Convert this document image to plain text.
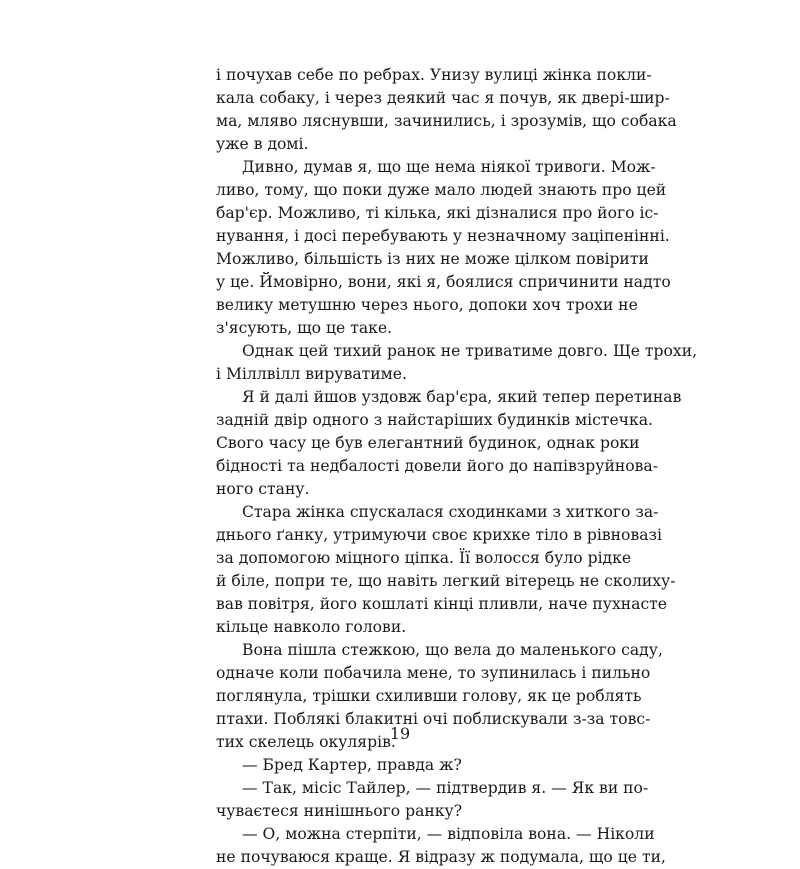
і почухав себе по ребрах. Унизу вулиці жінка покли-
кала собаку, і через деякий час я почув, як двері-шир-
ма, мляво ляснувши, зачинились, і зрозумів, що собака
уже в домі.
Дивно, думав я, що ще нема ніякої тривоги. Мож-
ливо, тому, що поки дуже мало людей знають про цей
бар'єр. Можливо, ті кілька, які дізналися про його іс-
нування, і досі перебувають у незначному заціпенінні.
Можливо, більшість із них не може цілком повірити
у це. Ймовірно, вони, які я, боялися спричинити надто
велику метушню через нього, допоки хоч трохи не
з'ясують, що це таке.
Однак цей тихий ранок не триватиме довго. Ще трохи,
і Міллвілл вируватиме.
Я й далі йшов уздовж бар'єра, який тепер перетинав
задній двір одного з найстаріших будинків містечка.
Свого часу це був елегантний будинок, однак роки
бідності та недбалості довели його до напівзруйнова-
ного стану.
Стара жінка спускалася сходинками з хиткого за-
днього ґанку, утримуючи своє крихке тіло в рівновазі
за допомогою міцного ціпка. Її волосся було рідке
й біле, попри те, що навіть легкий вітерець не сколиху-
вав повітря, його кошлаті кінці пливли, наче пухнасте
кільце навколо голови.
Вона пішла стежкою, що вела до маленького саду,
одначе коли побачила мене, то зупинилась і пильно
поглянула, трішки схиливши голову, як це роблять
птахи. Поблякі блакитні очі поблискували з-за товс-
тих скелець окулярів.
— Бред Картер, правда ж?
— Так, місіс Тайлер, — підтвердив я. — Як ви по-
чуваєтеся нинішнього ранку?
— О, можна стерпіти, — відповіла вона. — Ніколи
не почуваюся краще. Я відразу ж подумала, що це ти,
19
